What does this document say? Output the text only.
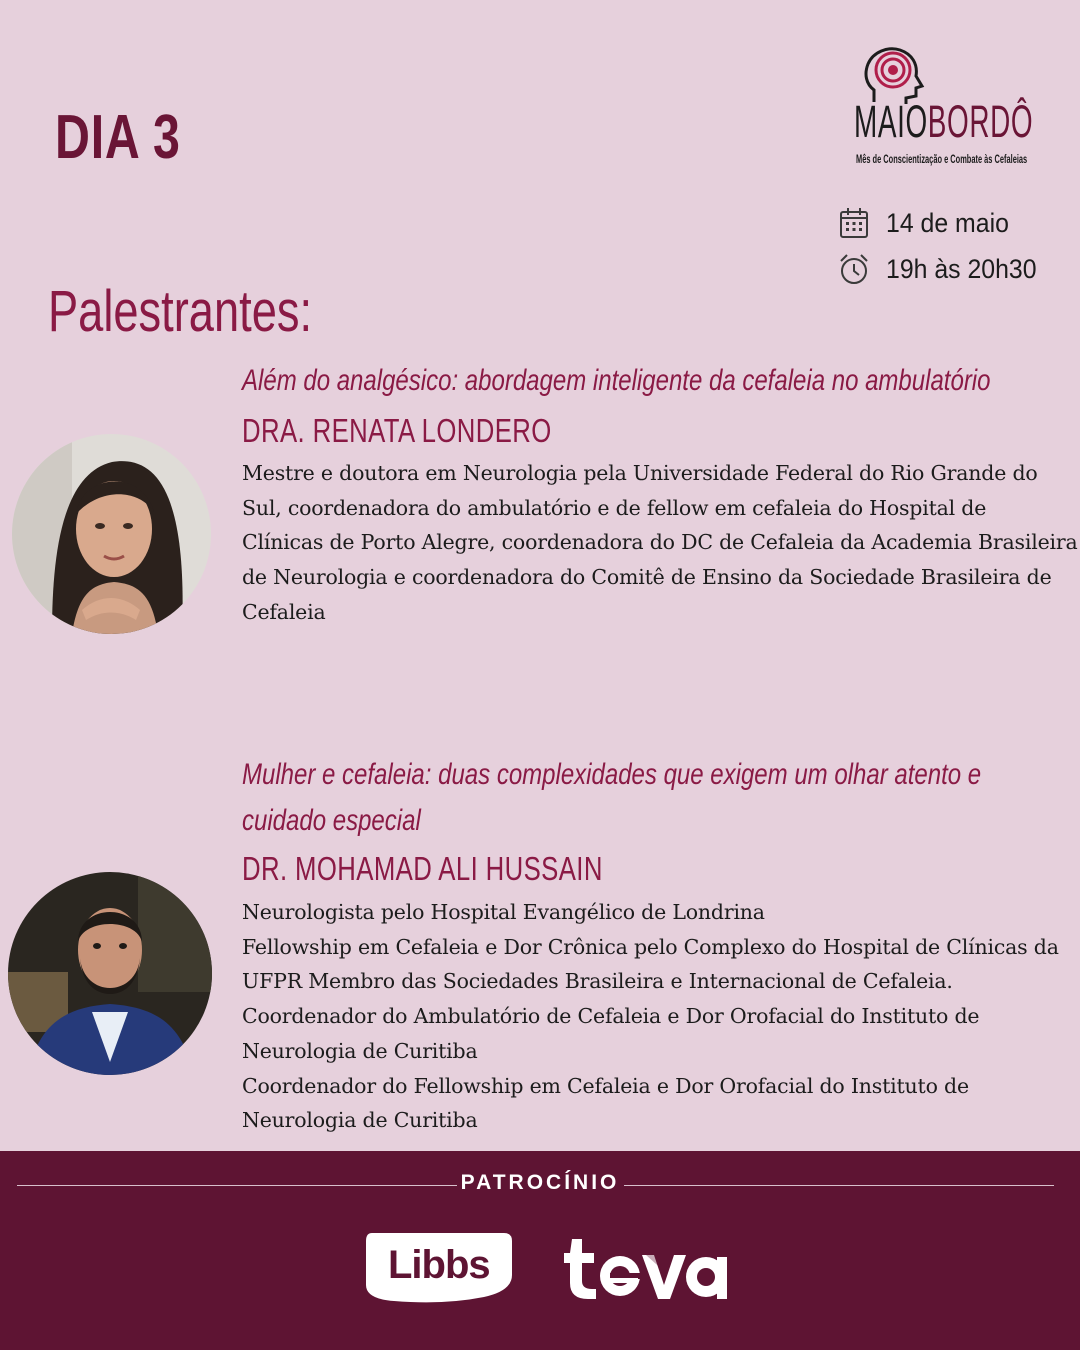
DIA 3	MAIOBORDÔ
Mês de Conscientização e Combate às Cefaleias
14 de maio
19h às 20h30
Palestrantes:
Além do analgésico: abordagem inteligente da cefaleia no ambulatório
DRA. RENATA LONDERO

Mestre e doutora em Neurologia pela Universidade Federal do Rio Grande do

Sul, coordenadora do ambulatório e de fellow em cefaleia do Hospital de

Clínicas de Porto Alegre, coordenadora do DC de Cefaleia da Academia Brasileira

de Neurologia e coordenadora do Comitê de Ensino da Sociedade Brasileira de

Cefaleia

Mulher e cefaleia: duas complexidades que exigem um olhar atento e
cuidado especial
DR. MOHAMAD ALI HUSSAIN

Neurologista pelo Hospital Evangélico de Londrina

Fellowship em Cefaleia e Dor Crônica pelo Complexo do Hospital de Clínicas da

UFPR Membro das Sociedades Brasileira e Internacional de Cefaleia.

Coordenador do Ambulatório de Cefaleia e Dor Orofacial do Instituto de

Neurologia de Curitiba

Coordenador do Fellowship em Cefaleia e Dor Orofacial do Instituto de

Neurologia de Curitiba

PATROCÍNIO
Libbs
